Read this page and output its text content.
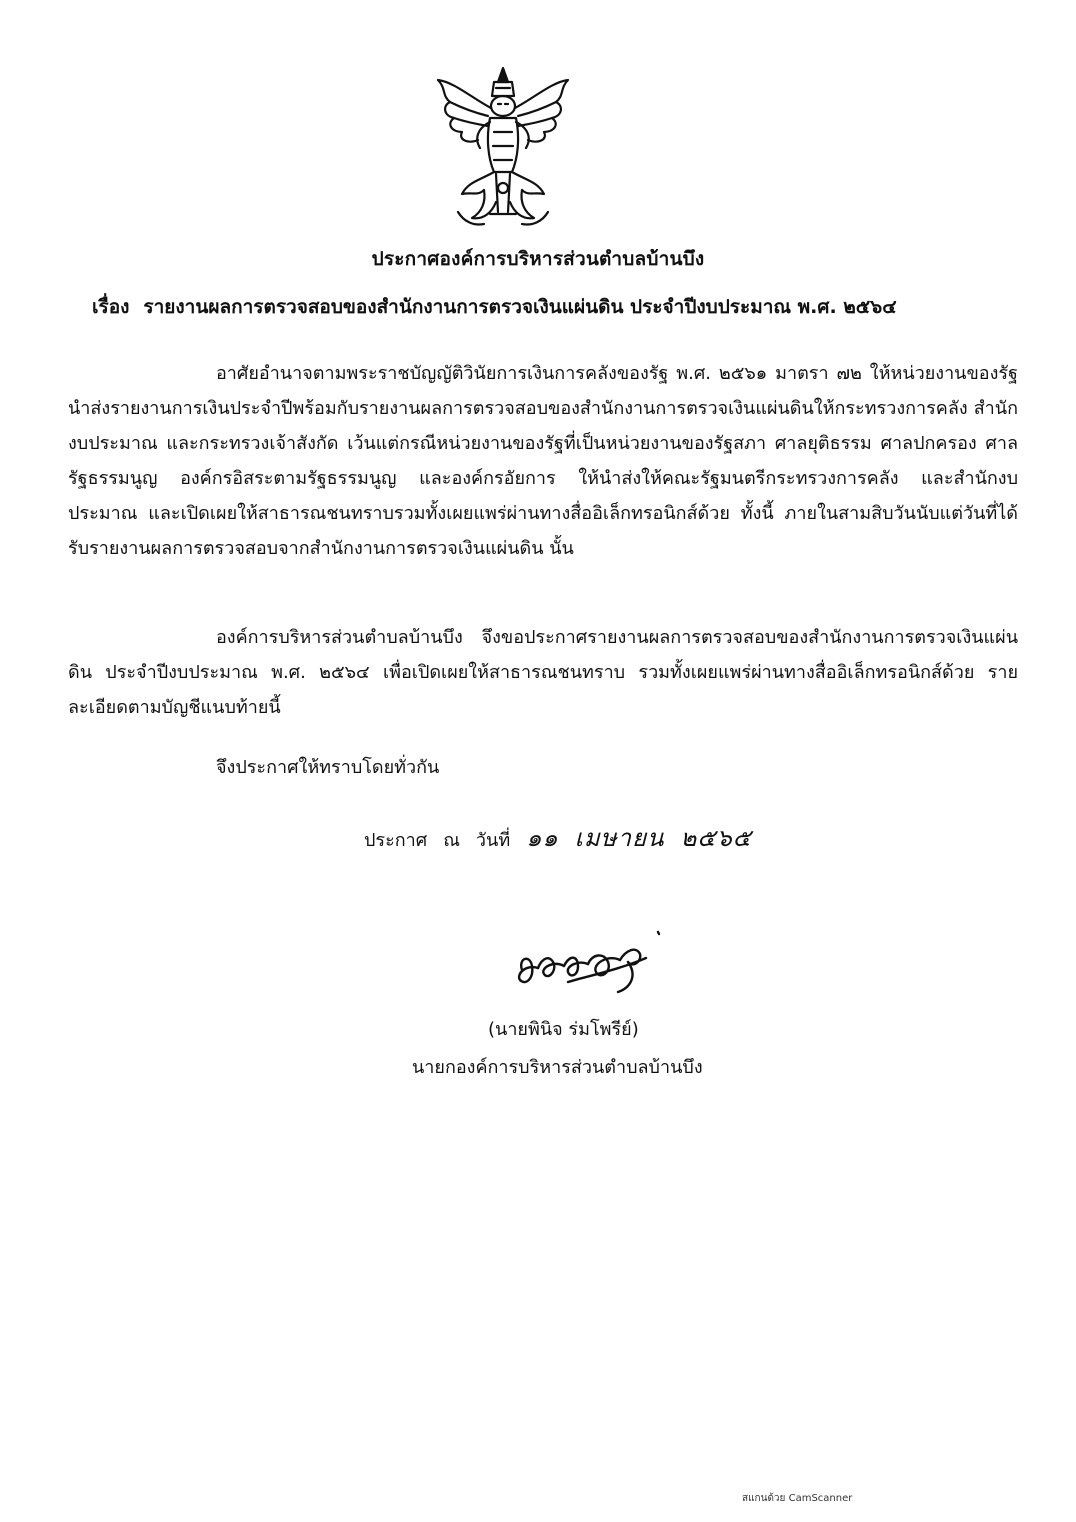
ประกาศองค์การบริหารส่วนตำบลบ้านบึง
เรื่อง รายงานผลการตรวจสอบของสำนักงานการตรวจเงินแผ่นดิน ประจำปีงบประมาณ พ.ศ. ๒๕๖๔
อาศัยอำนาจตามพระราชบัญญัติวินัยการเงินการคลังของรัฐ พ.ศ. ๒๕๖๑ มาตรา ๗๒ ให้หน่วยงานของรัฐนำส่งรายงานการเงินประจำปีพร้อมกับรายงานผลการตรวจสอบของสำนักงานการตรวจเงินแผ่นดินให้กระทรวงการคลัง สำนักงบประมาณ และกระทรวงเจ้าสังกัด เว้นแต่กรณีหน่วยงานของรัฐที่เป็นหน่วยงานของรัฐสภา ศาลยุติธรรม ศาลปกครอง ศาลรัฐธรรมนูญ องค์กรอิสระตามรัฐธรรมนูญ และองค์กรอัยการ ให้นำส่งให้คณะรัฐมนตรีกระทรวงการคลัง และสำนักงบประมาณ และเปิดเผยให้สาธารณชนทราบรวมทั้งเผยแพร่ผ่านทางสื่ออิเล็กทรอนิกส์ด้วย ทั้งนี้ ภายในสามสิบวันนับแต่วันที่ได้รับรายงานผลการตรวจสอบจากสำนักงานการตรวจเงินแผ่นดิน นั้น
องค์การบริหารส่วนตำบลบ้านบึง จึงขอประกาศรายงานผลการตรวจสอบของสำนักงานการตรวจเงินแผ่นดิน ประจำปีงบประมาณ พ.ศ. ๒๕๖๔ เพื่อเปิดเผยให้สาธารณชนทราบ รวมทั้งเผยแพร่ผ่านทางสื่ออิเล็กทรอนิกส์ด้วย รายละเอียดตามบัญชีแนบท้ายนี้
จึงประกาศให้ทราบโดยทั่วกัน
ประกาศ ณ วันที่ ๑๑ เมษายน ๒๕๖๕
(นายพินิจ ร่มโพรีย์)
นายกองค์การบริหารส่วนตำบลบ้านบึง
สแกนด้วย CamScanner
